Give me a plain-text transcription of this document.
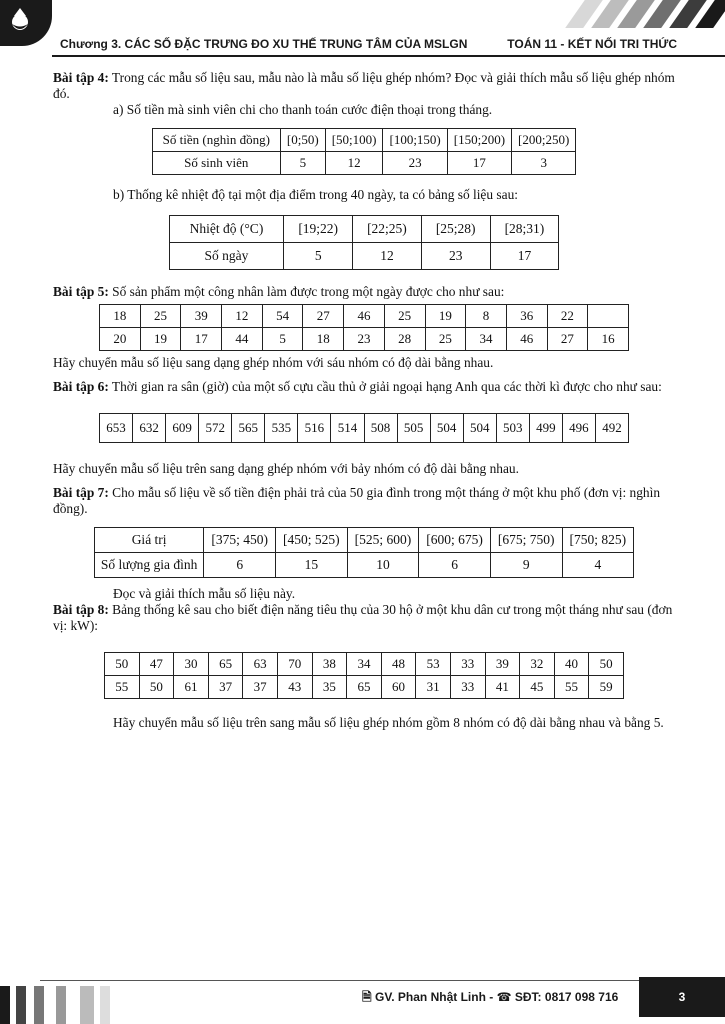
Chương 3. CÁC SỐ ĐẶC TRƯNG ĐO XU THẾ TRUNG TÂM CỦA MSLGN	TOÁN 11 - KẾT NỐI TRI THỨC

Bài tập 4: Trong các mẫu số liệu sau, mẫu nào là mẫu số liệu ghép nhóm? Đọc và giải thích mẫu số liệu ghép nhóm đó.

a) Số tiền mà sinh viên chi cho thanh toán cước điện thoại trong tháng.

Số tiền (nghìn đồng)	[0;50)	[50;100)	[100;150)	[150;200)	[200;250)
Số sinh viên	5	12	23	17	3

b) Thống kê nhiệt độ tại một địa điểm trong 40 ngày, ta có bảng số liệu sau:

Nhiệt độ (°C)	[19;22)	[22;25)	[25;28)	[28;31)
Số ngày	5	12	23	17

Bài tập 5: Số sản phẩm một công nhân làm được trong một ngày được cho như sau:

18	25	39	12	54	27	46	25	19	8	36	22	
20	19	17	44	5	18	23	28	25	34	46	27	16

Hãy chuyển mẫu số liệu sang dạng ghép nhóm với sáu nhóm có độ dài bằng nhau.

Bài tập 6: Thời gian ra sân (giờ) của một số cựu cầu thủ ở giải ngoại hạng Anh qua các thời kì được cho như sau:

653	632	609	572	565	535	516	514	508	505	504	504	503	499	496	492

Hãy chuyển mẫu số liệu trên sang dạng ghép nhóm với bảy nhóm có độ dài bằng nhau.

Bài tập 7: Cho mẫu số liệu về số tiền điện phải trả của 50 gia đình trong một tháng ở một khu phố (đơn vị: nghìn đồng).

Giá trị	[375; 450)	[450; 525)	[525; 600)	[600; 675)	[675; 750)	[750; 825)
Số lượng gia đình	6	15	10	6	9	4

Đọc và giải thích mẫu số liệu này.

Bài tập 8: Bảng thống kê sau cho biết điện năng tiêu thụ của 30 hộ ở một khu dân cư trong một tháng như sau (đơn vị: kW):

50	47	30	65	63	70	38	34	48	53	33	39	32	40	50
55	50	61	37	37	43	35	65	60	31	33	41	45	55	59

Hãy chuyển mẫu số liệu trên sang mẫu số liệu ghép nhóm gồm 8 nhóm có độ dài bằng nhau và bằng 5.

🗎 GV. Phan Nhật Linh - ☎ SĐT: 0817 098 716	3
